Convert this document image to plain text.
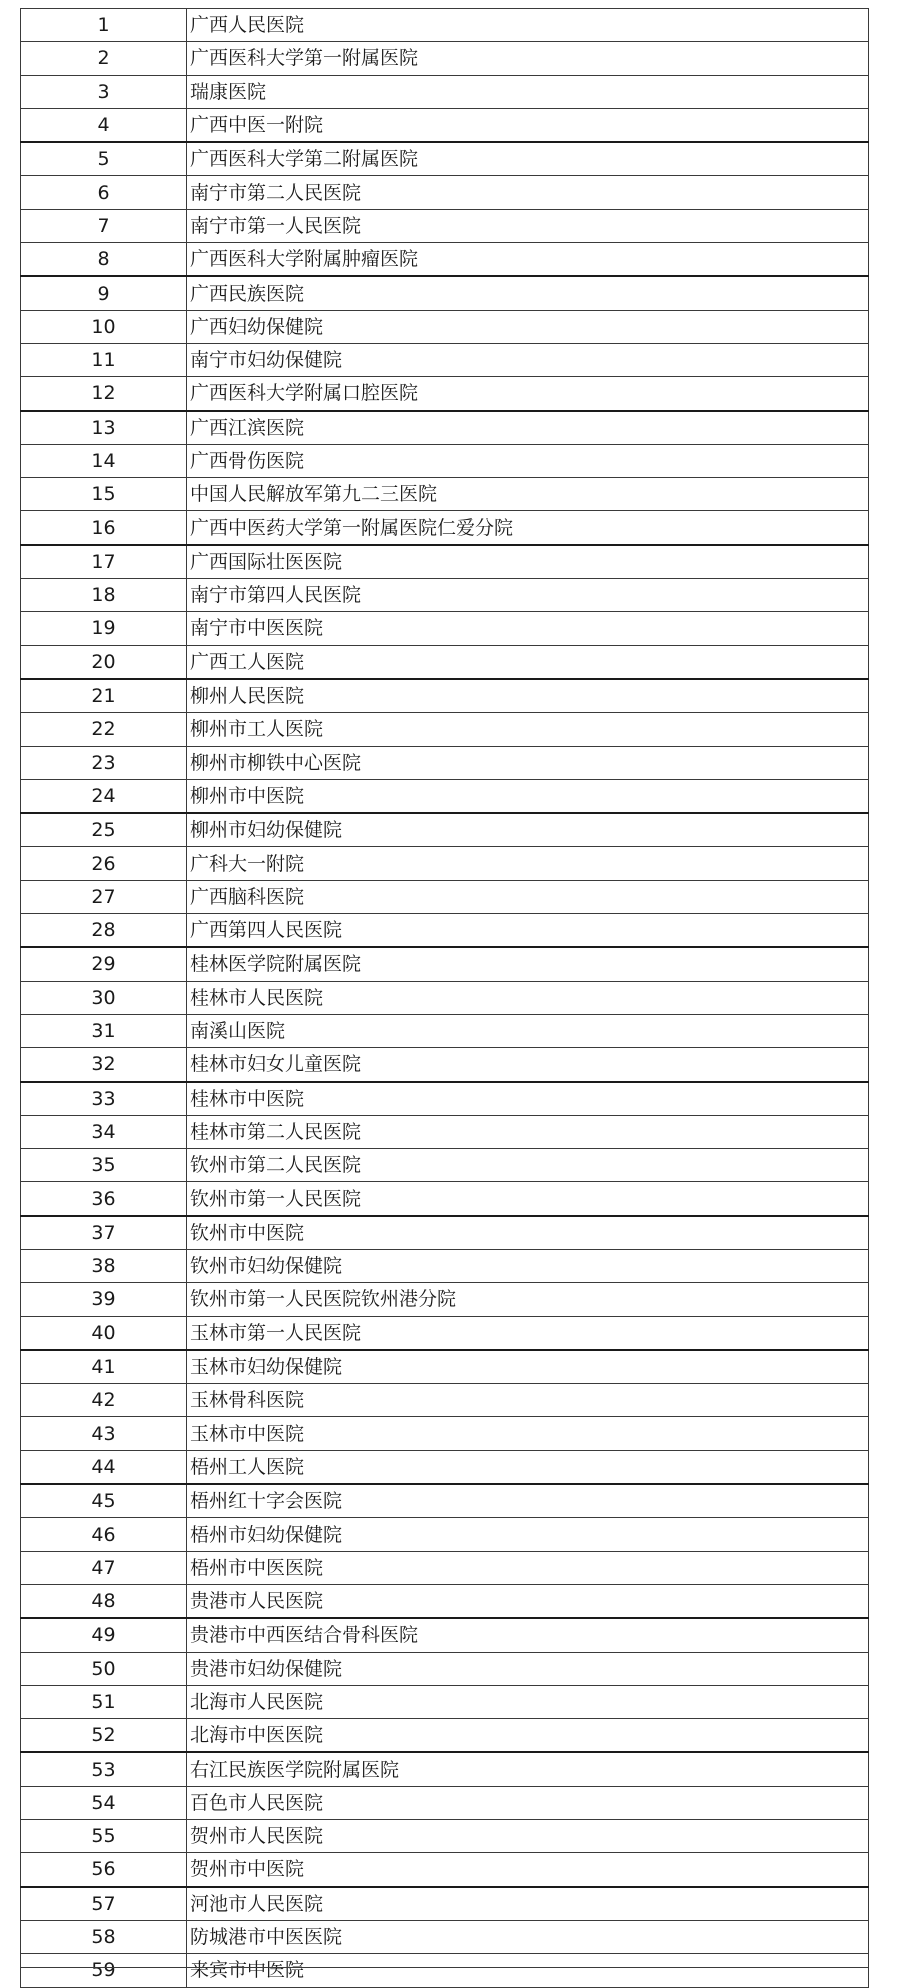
1	广西人民医院
2	广西医科大学第一附属医院
3	瑞康医院
4	广西中医一附院
5	广西医科大学第二附属医院
6	南宁市第二人民医院
7	南宁市第一人民医院
8	广西医科大学附属肿瘤医院
9	广西民族医院
10	广西妇幼保健院
11	南宁市妇幼保健院
12	广西医科大学附属口腔医院
13	广西江滨医院
14	广西骨伤医院
15	中国人民解放军第九二三医院
16	广西中医药大学第一附属医院仁爱分院
17	广西国际壮医医院
18	南宁市第四人民医院
19	南宁市中医医院
20	广西工人医院
21	柳州人民医院
22	柳州市工人医院
23	柳州市柳铁中心医院
24	柳州市中医院
25	柳州市妇幼保健院
26	广科大一附院
27	广西脑科医院
28	广西第四人民医院
29	桂林医学院附属医院
30	桂林市人民医院
31	南溪山医院
32	桂林市妇女儿童医院
33	桂林市中医院
34	桂林市第二人民医院
35	钦州市第二人民医院
36	钦州市第一人民医院
37	钦州市中医院
38	钦州市妇幼保健院
39	钦州市第一人民医院钦州港分院
40	玉林市第一人民医院
41	玉林市妇幼保健院
42	玉林骨科医院
43	玉林市中医院
44	梧州工人医院
45	梧州红十字会医院
46	梧州市妇幼保健院
47	梧州市中医医院
48	贵港市人民医院
49	贵港市中西医结合骨科医院
50	贵港市妇幼保健院
51	北海市人民医院
52	北海市中医医院
53	右江民族医学院附属医院
54	百色市人民医院
55	贺州市人民医院
56	贺州市中医院
57	河池市人民医院
58	防城港市中医医院
59	来宾市中医院
